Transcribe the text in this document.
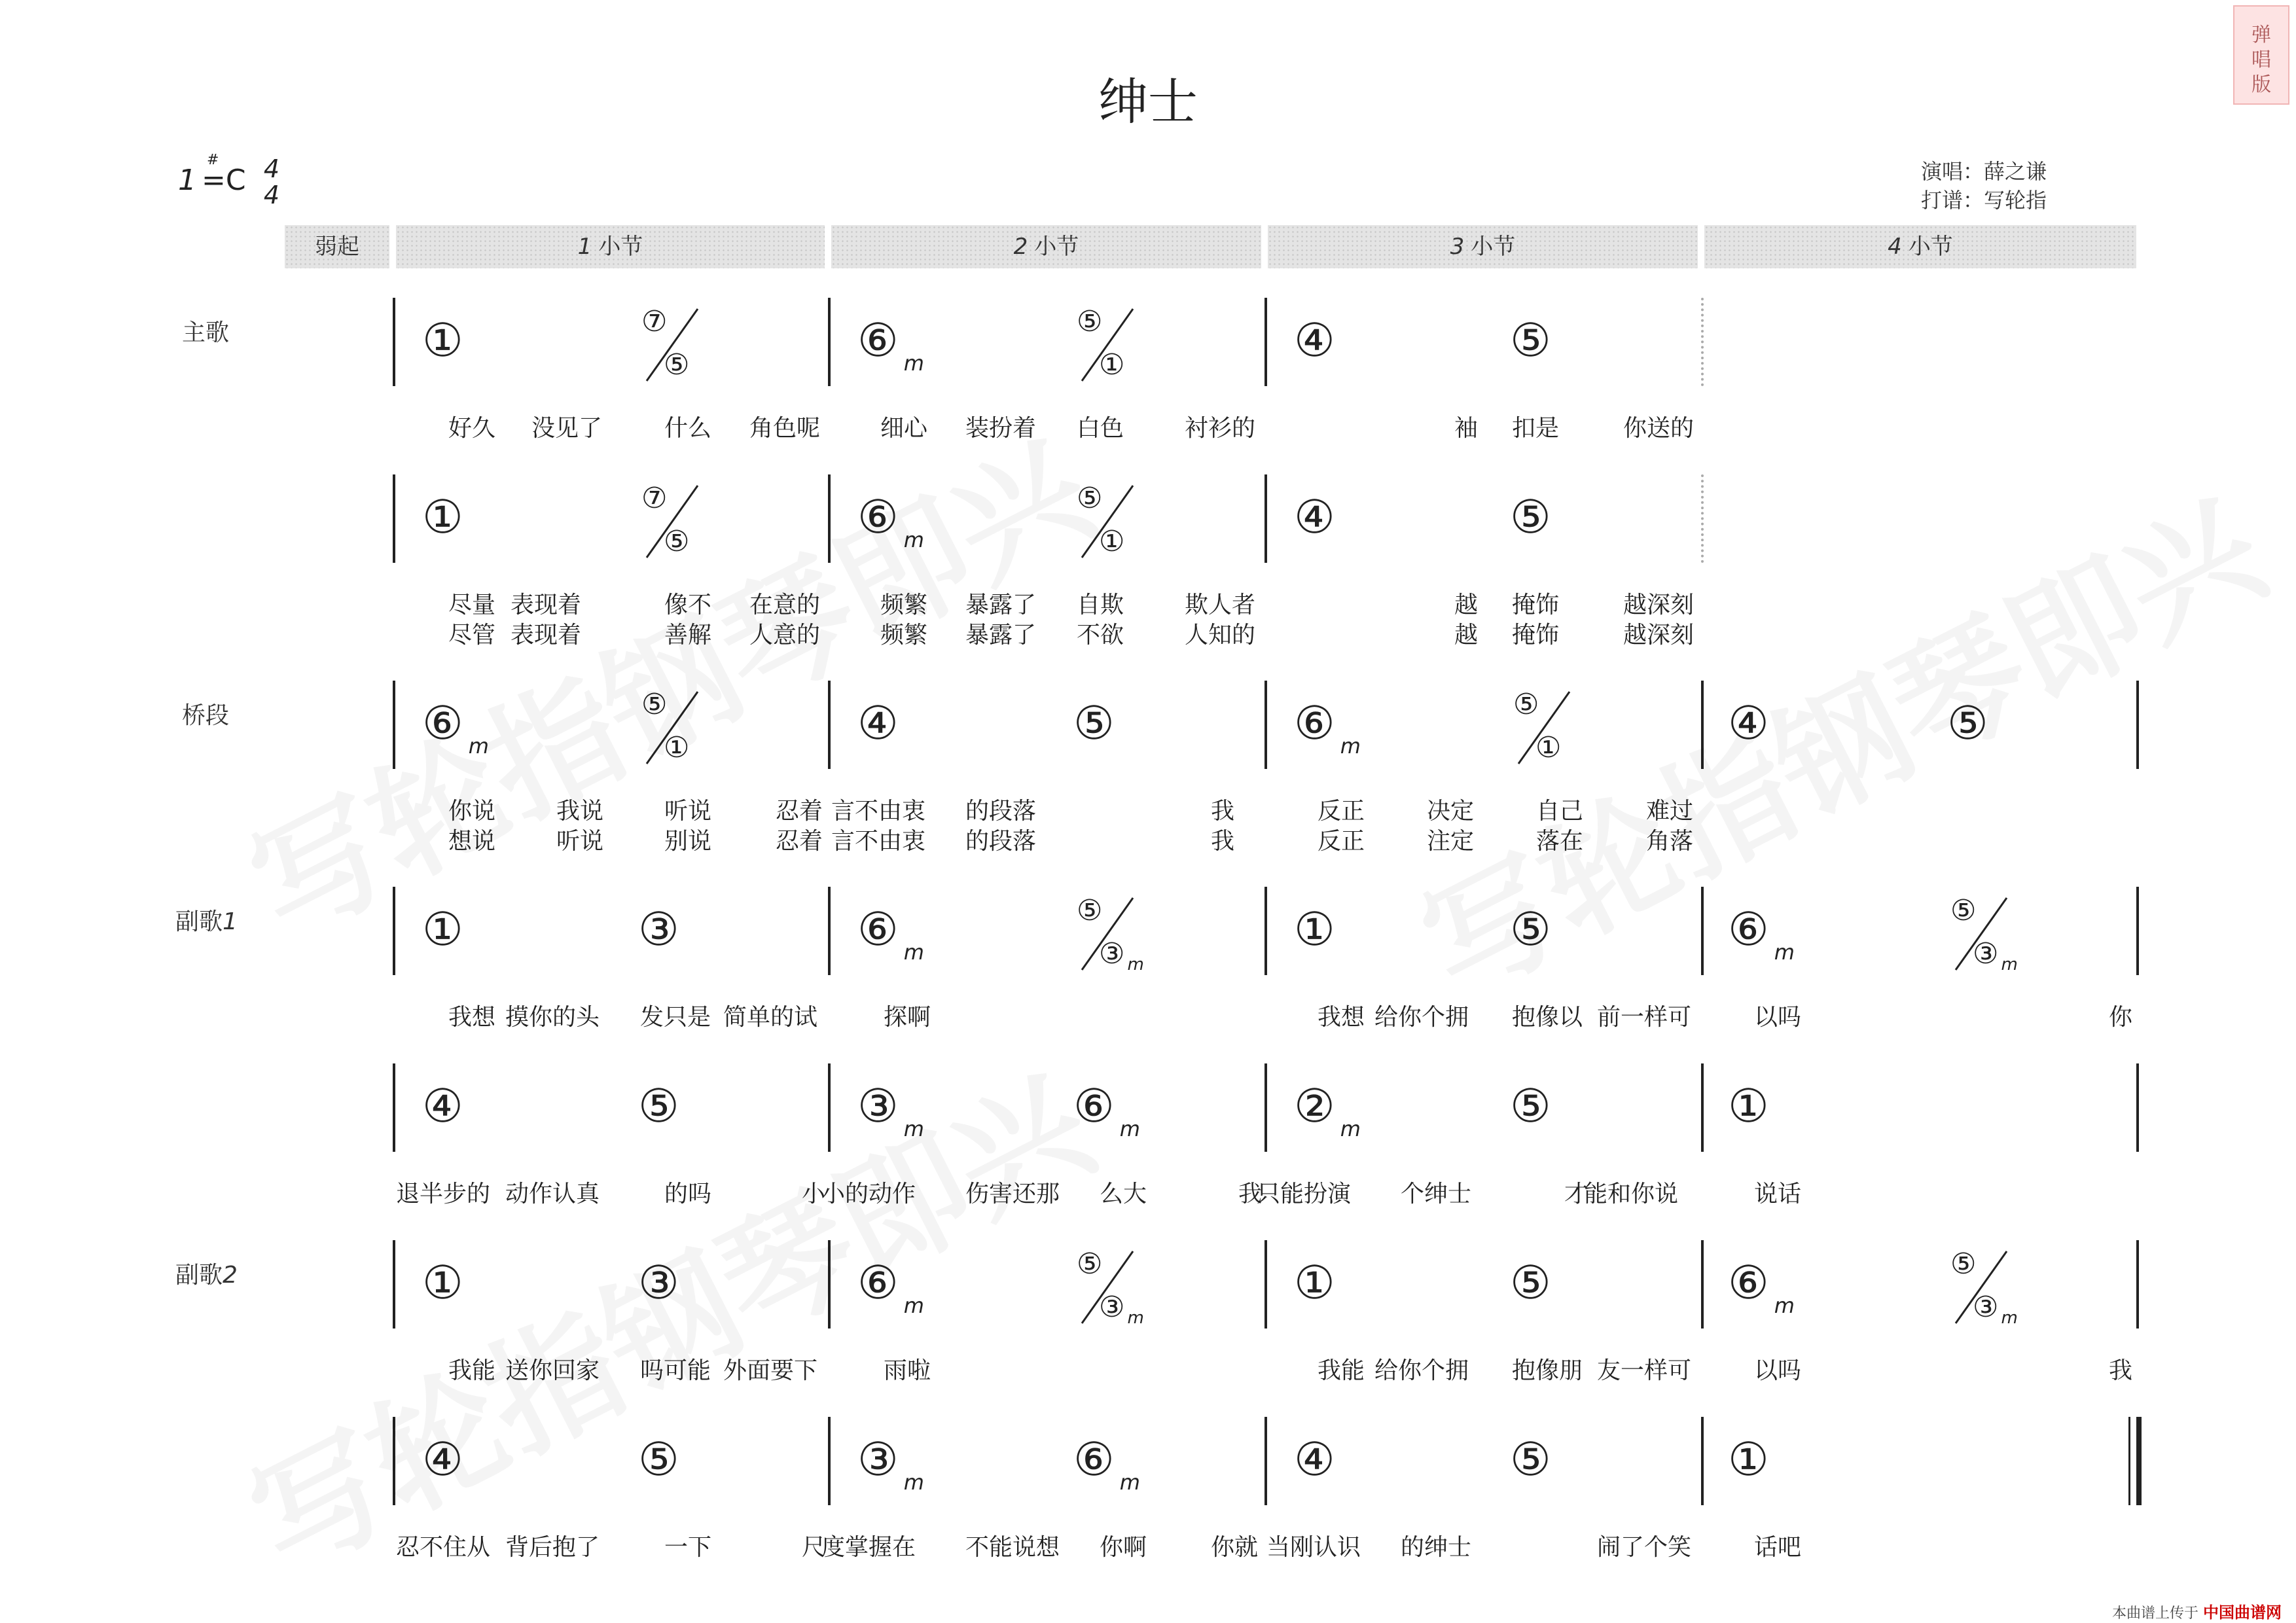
绅士
1
#
=C 4
4
演唱：薛之谦
打谱：写轮指
弹
唱
版
弱起	1 小节	2 小节	3 小节	4 小节
主歌
桥段
副歌1
副歌2
①	⑦
⑤	⑥ $_m$
⑤
①	④	⑤
好久 没见了	什么 角色呢	细心 装扮着 白色	衬衫的	袖 扣是	你送的
①	⑦
⑤	⑥ $_m$
⑤
①	④	⑤
尽量 表现着	像不 在意的	频繁 暴露了 自欺	欺人者	越 掩饰	越深刻
尽管 表现着	善解 人意的	频繁 暴露了 不欲	人知的	越 掩饰	越深刻
⑥ $_m$
⑤
①	④	⑤	⑥ $_m$
⑤
①	④	⑤
你说	我说	听说	忍着 言不由衷 的段落	我	反正	决定	自己	难过
想说	听说	别说	忍着 言不由衷 的段落	我	反正	注定	落在	角落
①	③	⑥ $_m$
⑤
③ $_m$
①	⑤	⑥ $_m$
⑤
③ $_m$
我想 摸你的头 发只是 简单的试	探啊	我想 给你个拥 抱像以 前一样可	以吗	你
④	⑤	③ $_m$	⑥ $_m$	② $_m$	⑤	①
退半步的 动作认真	的吗	小
小的动作 伤害还那 么大	我
只能扮演 个绅士	才
能和你说	说话
①	③	⑥ $_m$
⑤
③ $_m$
①	⑤	⑥ $_m$
⑤
③ $_m$
我能 送你回家 吗可能 外面要下	雨啦	我能 给你个拥 抱像朋 友一样可	以吗	我
④	⑤	③ $_m$	⑥ $_m$	④	⑤	①
忍不住从 背后抱了	一下	尺
度掌握在 不能说想 你啊	你就 当刚认识 的绅士	闹了个笑	话吧
本曲谱上传于 中国曲谱网
